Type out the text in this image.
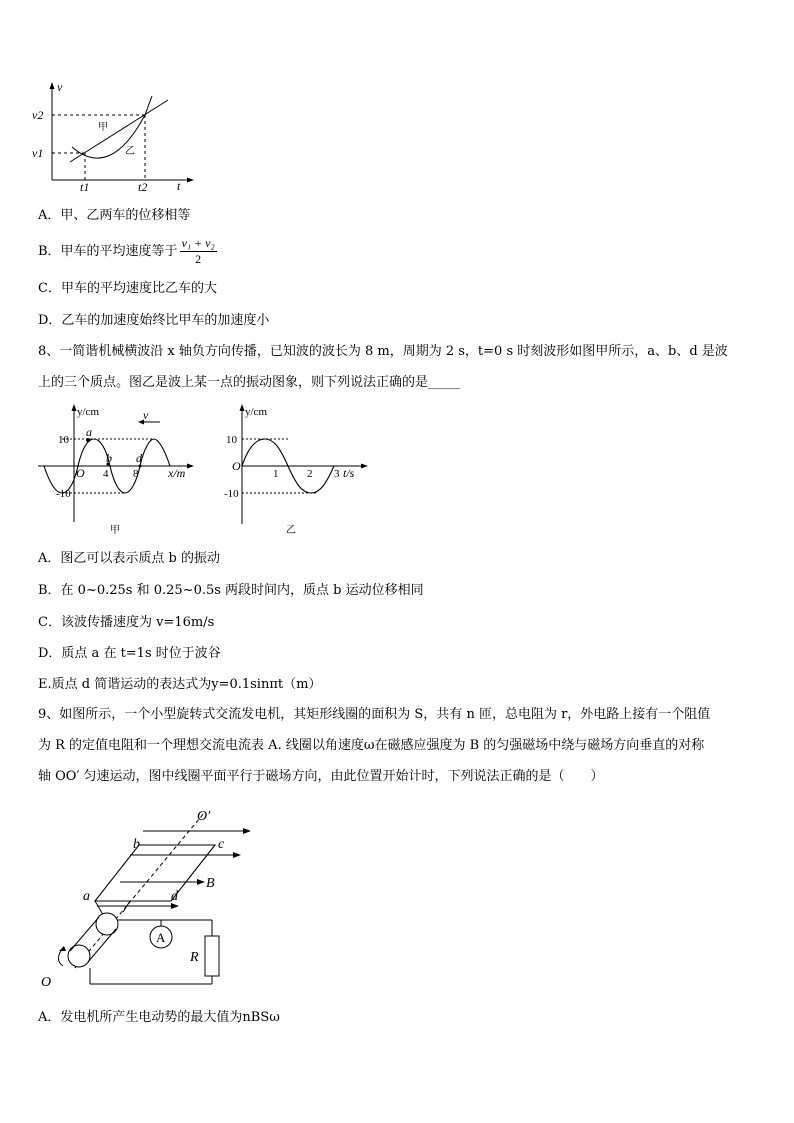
v
t
v2
v1
t1	t2
甲
乙
A．甲、乙两车的位移相等
B．甲车的平均速度等于 $\frac{\text{v₁ + v₂}}{2}$
C．甲车的平均速度比乙车的大
D．乙车的加速度始终比甲车的加速度小
8、一简谐机械横波沿 x 轴负方向传播，已知波的波长为 8 m，周期为 2 s，t=0 s 时刻波形如图甲所示，a、b、d 是波
上的三个质点。图乙是波上某一点的振动图象，则下列说法正确的是_____
y/cm	v
10
-10
a
b d
O 4 8 x/m
甲
y/cm
10
-10
O
1	2 3 t/s
乙
A．图乙可以表示质点 b 的振动
B．在 0~0.25s 和 0.25~0.5s 两段时间内，质点 b 运动位移相同
C．该波传播速度为 v=16m/s
D．质点 a 在 t=1s 时位于波谷
E.质点 d 简谐运动的表达式为y=0.1sinπt（m）
9、如图所示，一个小型旋转式交流发电机，其矩形线圈的面积为 S，共有 n 匝，总电阻为 r，外电路上接有一个阻值
为 R 的定值电阻和一个理想交流电流表 A. 线圈以角速度ω在磁感应强度为 B 的匀强磁场中绕与磁场方向垂直的对称
轴 OO′ 匀速运动，图中线圈平面平行于磁场方向，由此位置开始计时，下列说法正确的是（　　）
O′
b	c
B
a	d
A
R
O
A．发电机所产生电动势的最大值为nBSω
